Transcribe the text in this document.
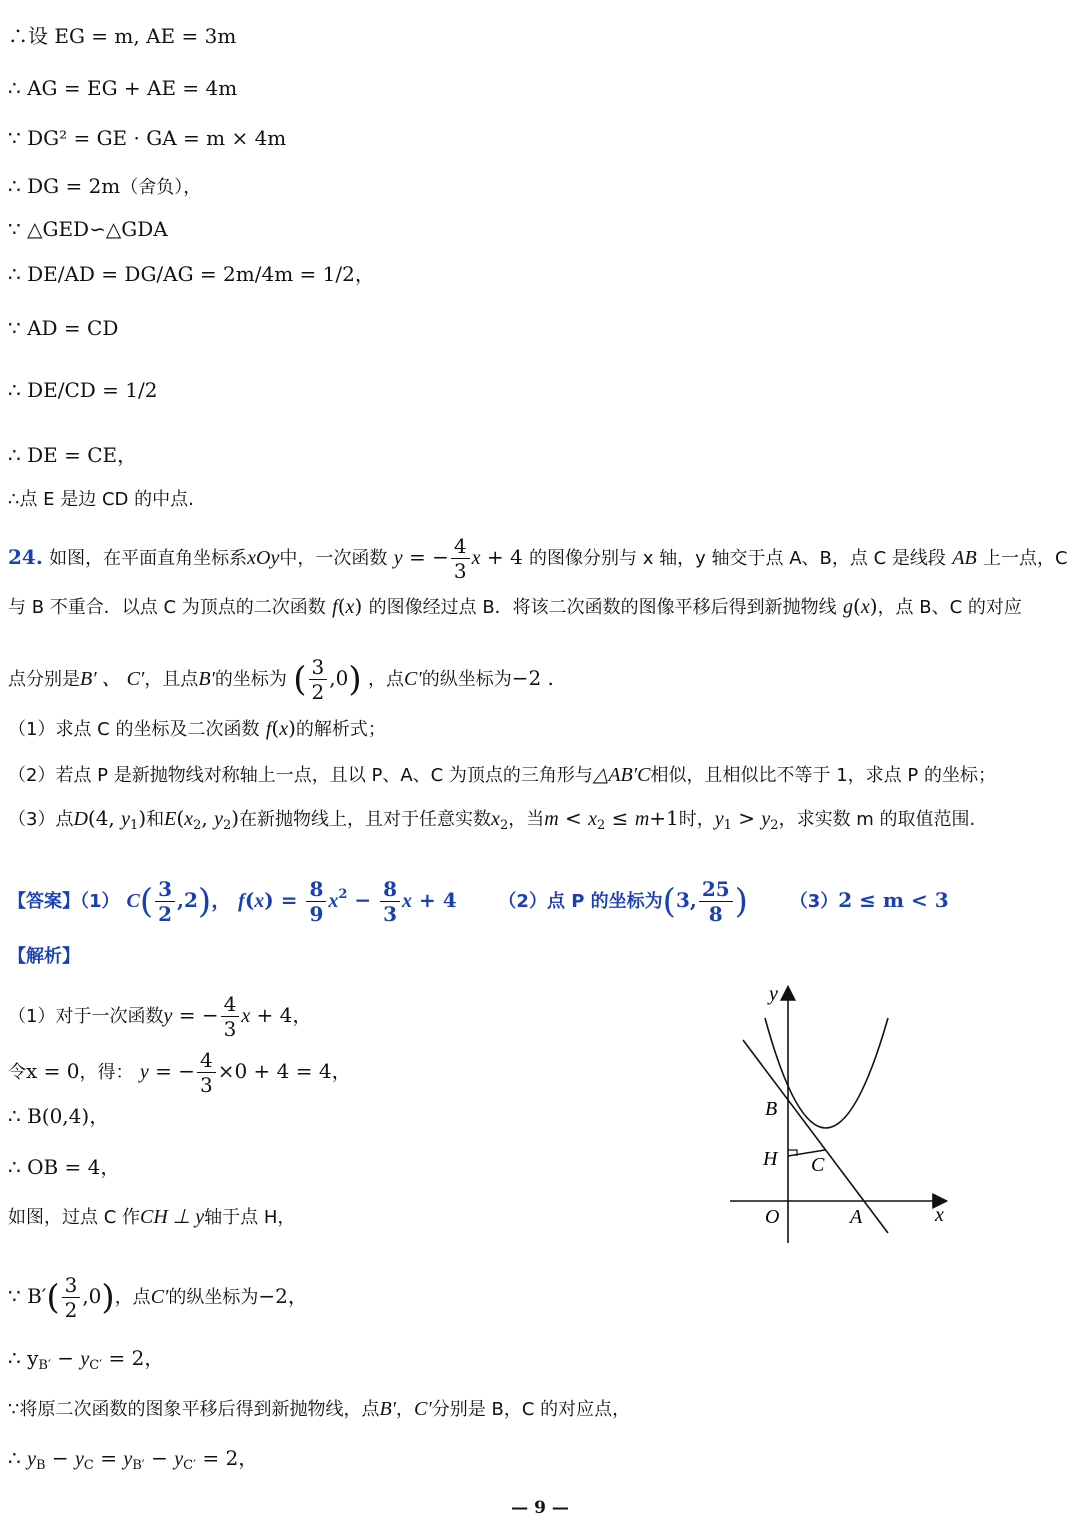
∴设 EG = m, AE = 3m
∴ AG = EG + AE = 4m
∵ DG² = GE · GA = m × 4m
∴ DG = 2m（舍负），
∵ △GED∽△GDA
∴ DE/AD = DG/AG = 2m/4m = 1/2，
∵ AD = CD
∴ DE/CD = 1/2
∴ DE = CE，
∴点 E 是边 CD 的中点.
24. 如图，在平面直角坐标系xOy中，一次函数 y = − $\frac{4}{3}$ x + 4 的图像分别与 x 轴，y 轴交于点 A、B，点 C 是线段 AB 上一点，C
与 B 不重合．以点 C 为顶点的二次函数 f(x) 的图像经过点 B．将该二次函数的图像平移后得到新抛物线 g(x)，点 B、C 的对应
点分别是B′ 、 C′，且点B′的坐标为 ( $\frac{3}{2} ,0$) ，点C′的纵坐标为−2 .
（1）求点 C 的坐标及二次函数 f(x)的解析式；
（2）若点 P 是新抛物线对称轴上一点，且以 P、A、C 为顶点的三角形与△AB′C相似，且相似比不等于 1，求点 P 的坐标；
（3）点D(4, $y_1$)和$E(x_2$, $y_2$)在新抛物线上，且对于任意实数$x_2$，当$m < x_2 \le m+1$时，$y_1 > y_2$，求实数 m 的取值范围.
【答案】（1） $C( \frac{3}{2} ,2)$， $f(x) = \frac{8}{9} x^2 - \frac{8}{3}$ x + 4      （2）点 P 的坐标为(3, $\frac{25}{8}$ ) （3）2 ≤ m < 3
【解析】
（1）对于一次函数y = − $\frac{4}{3}$ x + 4，
令x = 0，得： y = − $\frac{4}{3} \times 0 + 4 = 4$，
∴ B(0,4)，
∴ OB = 4，
如图，过点 C 作CH ⊥ y轴于点 H，
∵ $B'( \frac{3}{2} ,0)$，点C′的纵坐标为−2，
∴ $y_{B'} - y_{C'} = 2$，
∵将原二次函数的图象平移后得到新抛物线，点B′，C′分别是 B，C 的对应点，
∴ $y_B - y_C = y_{B'} - y_{C'} = 2$，
y
x
O	A
B
C
H
— 9 —
